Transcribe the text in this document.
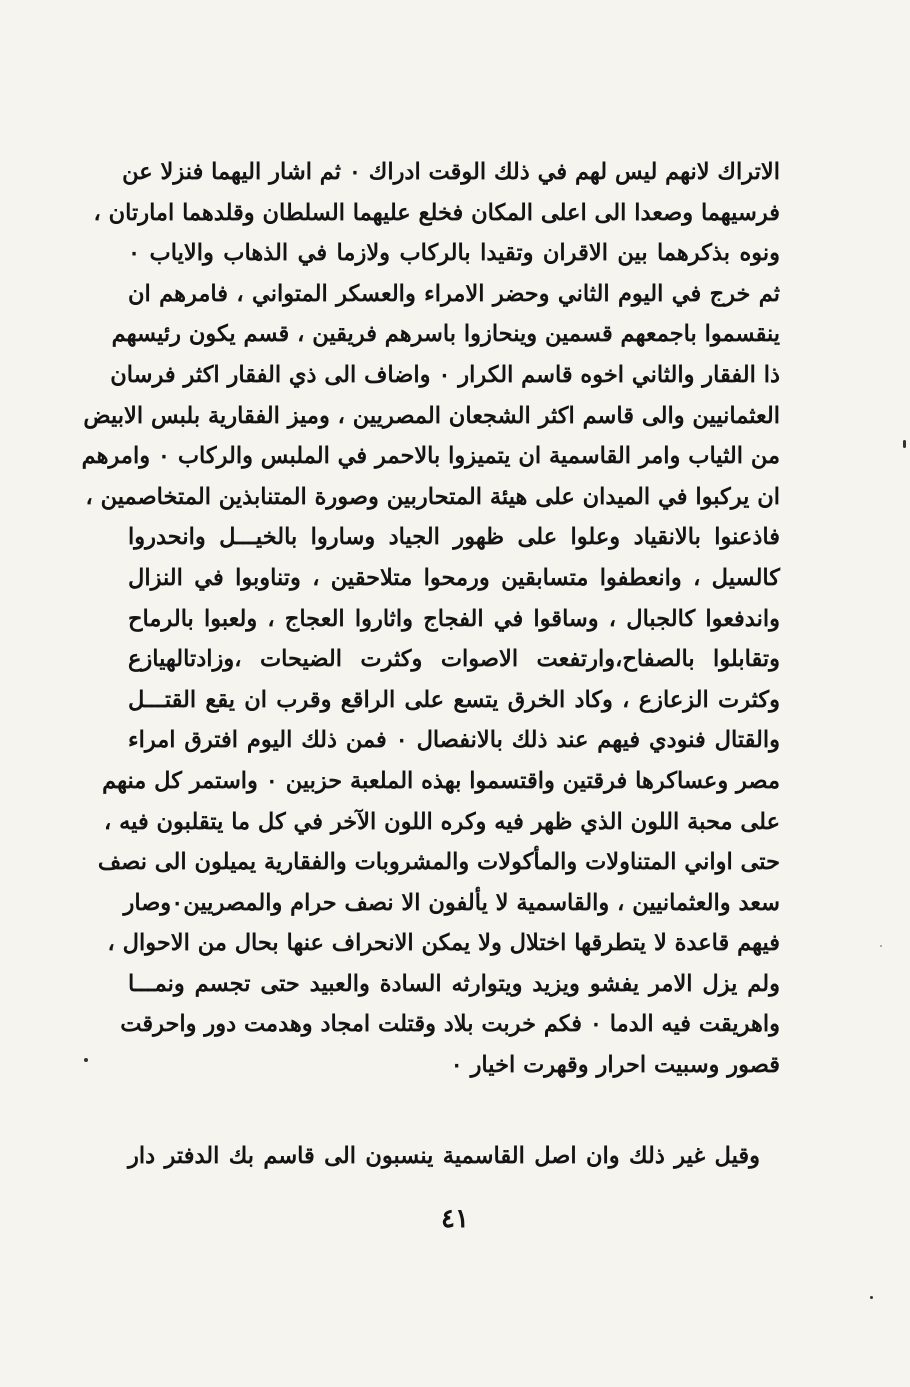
الاتراك لانهم ليس لهم في ذلك الوقت ادراك ٠ ثم اشار اليهما فنزلا عن
فرسيهما وصعدا الى اعلى المكان فخلع عليهما السلطان وقلدهما امارتان ،
ونوه بذكرهما بين الاقران وتقيدا بالركاب ولازما في الذهاب والاياب ٠
ثم خرج في اليوم الثاني وحضر الامراء والعسكر المتواني ، فامرهم ان
ينقسموا باجمعهم قسمين وينحازوا باسرهم فريقين ، قسم يكون رئيسهم
ذا الفقار والثاني اخوه قاسم الكرار ٠ واضاف الى ذي الفقار اكثر فرسان
العثمانيين والى قاسم اكثر الشجعان المصريين ، وميز الفقارية بلبس الابيض
من الثياب وامر القاسمية ان يتميزوا بالاحمر في الملبس والركاب ٠ وامرهم
ان يركبوا في الميدان على هيئة المتحاربين وصورة المتنابذين المتخاصمين ،
فاذعنوا بالانقياد وعلوا على ظهور الجياد وساروا بالخيـــل وانحدروا
كالسيل ، وانعطفوا متسابقين ورمحوا متلاحقين ، وتناوبوا في النزال
واندفعوا كالجبال ، وساقوا في الفجاج واثاروا العجاج ، ولعبوا بالرماح
وتقابلوا بالصفاح،وارتفعت الاصوات وكثرت الضيحات ،وزادتالهيازع
وكثرت الزعازع ، وكاد الخرق يتسع على الراقع وقرب ان يقع القتـــل
والقتال فنودي فيهم عند ذلك بالانفصال ٠ فمن ذلك اليوم افترق امراء
مصر وعساكرها فرقتين واقتسموا بهذه الملعبة حزبين ٠ واستمر كل منهم
على محبة اللون الذي ظهر فيه وكره اللون الآخر في كل ما يتقلبون فيه ،
حتى اواني المتناولات والمأكولات والمشروبات والفقارية يميلون الى نصف
سعد والعثمانيين ، والقاسمية لا يألفون الا نصف حرام والمصريين٠وصار
فيهم قاعدة لا يتطرقها اختلال ولا يمكن الانحراف عنها بحال من الاحوال ،
ولم يزل الامر يفشو ويزيد ويتوارثه السادة والعبيد حتى تجسم ونمـــا
واهريقت فيه الدما ٠ فكم خربت بلاد وقتلت امجاد وهدمت دور واحرقت
قصور وسبيت احرار وقهرت اخيار ٠
وقيل غير ذلك وان اصل القاسمية ينسبون الى قاسم بك الدفتر دار
٤١
